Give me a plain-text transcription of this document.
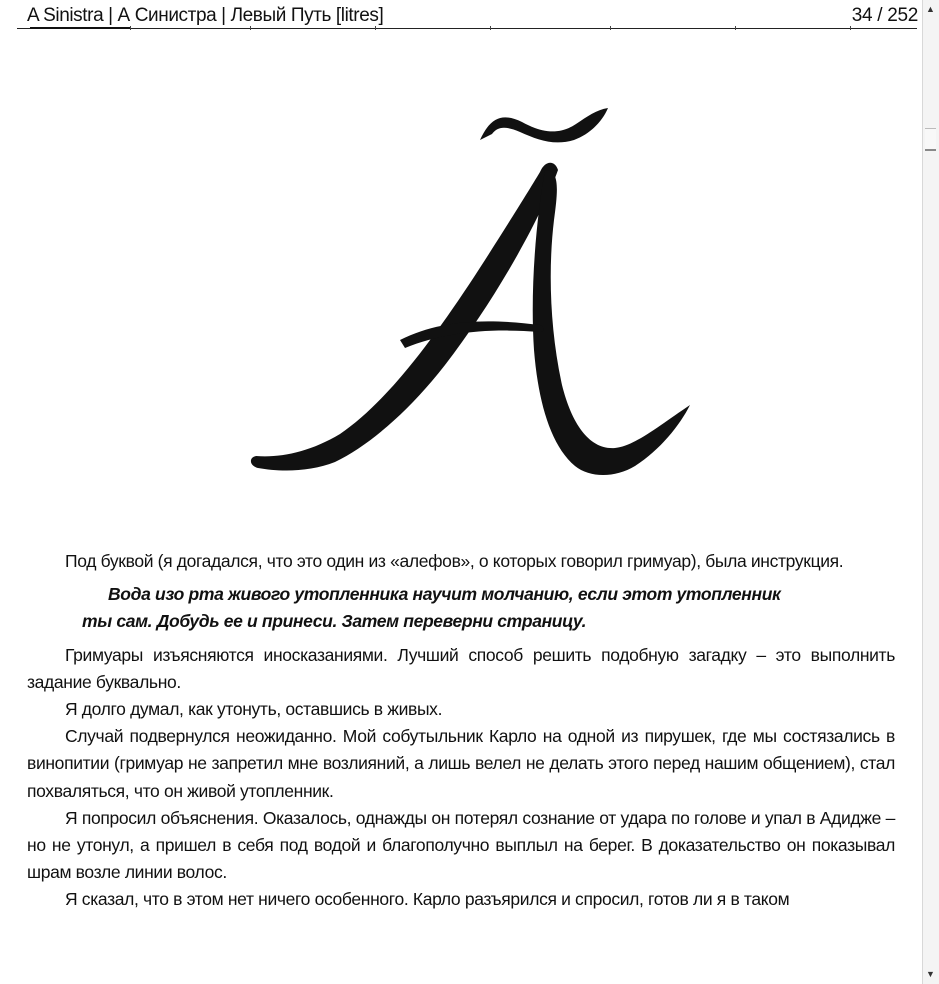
A Sinistra | А Синистра | Левый Путь [litres]	34 / 252 ▲
▼

Под буквой (я догадался, что это один из «алефов», о которых говорил гримуар), была инструкция.

Вода изо рта живого утопленника научит молчанию, если этот утопленник
ты сам. Добудь ее и принеси. Затем переверни страницу.

Гримуары изъясняются иносказаниями. Лучший способ решить подобную загадку – это выполнить задание буквально.

Я долго думал, как утонуть, оставшись в живых.

Случай подвернулся неожиданно. Мой собутыльник Карло на одной из пирушек, где мы состязались в винопитии (гримуар не запретил мне возлияний, а лишь велел не делать этого перед нашим общением), стал похваляться, что он живой утопленник.

Я попросил объяснения. Оказалось, однажды он потерял сознание от удара по голове и упал в Адидже – но не утонул, а пришел в себя под водой и благополучно выплыл на берег. В доказательство он показывал шрам возле линии волос.

Я сказал, что в этом нет ничего особенного. Карло разъярился и спросил, готов ли я в таком
